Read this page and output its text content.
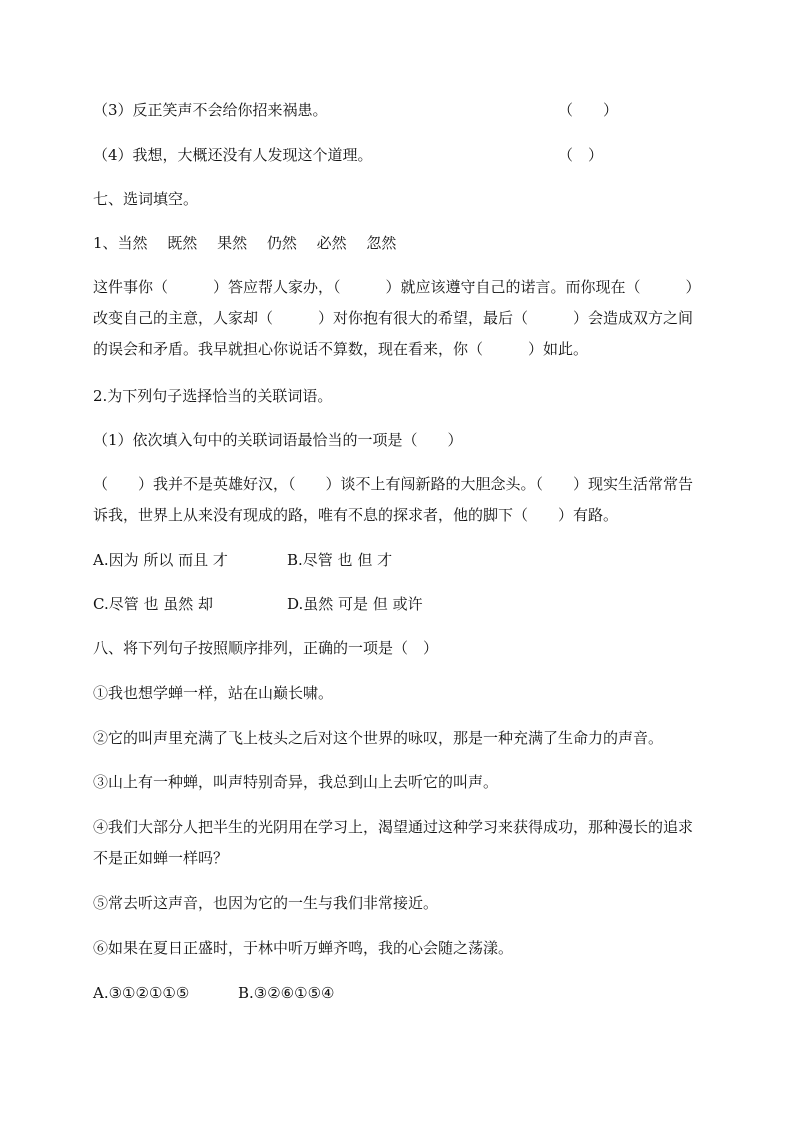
（3）反正笑声不会给你招来祸患。	（　　）
（4）我想，大概还没有人发现这个道理。	（　）
七、选词填空。
1、当然　 既然　 果然　 仍然　 必然　 忽然
这件事你（　　　）答应帮人家办，（　　　）就应该遵守自己的诺言。而你现在（　　　）改变自己的主意，人家却（　　　）对你抱有很大的希望，最后（　　　）会造成双方之间的误会和矛盾。我早就担心你说话不算数，现在看来，你（　　　）如此。
2.为下列句子选择恰当的关联词语。
（1）依次填入句中的关联词语最恰当的一项是（　　）
（　　）我并不是英雄好汉，（　　）谈不上有闯新路的大胆念头。（　　）现实生活常常告诉我，世界上从来没有现成的路，唯有不息的探求者，他的脚下（　　）有路。
A.因为 所以 而且 才	B.尽管 也 但 才
C.尽管 也 虽然 却	D.虽然 可是 但 或许
八、将下列句子按照顺序排列，正确的一项是（　）
①我也想学蝉一样，站在山巅长啸。
②它的叫声里充满了飞上枝头之后对这个世界的咏叹，那是一种充满了生命力的声音。
③山上有一种蝉，叫声特别奇异，我总到山上去听它的叫声。
④我们大部分人把半生的光阴用在学习上，渴望通过这种学习来获得成功，那种漫长的追求不是正如蝉一样吗？
⑤常去听这声音，也因为它的一生与我们非常接近。
⑥如果在夏日正盛时，于林中听万蝉齐鸣，我的心会随之荡漾。
A.③①②①①⑤	B.③②⑥①⑤④
